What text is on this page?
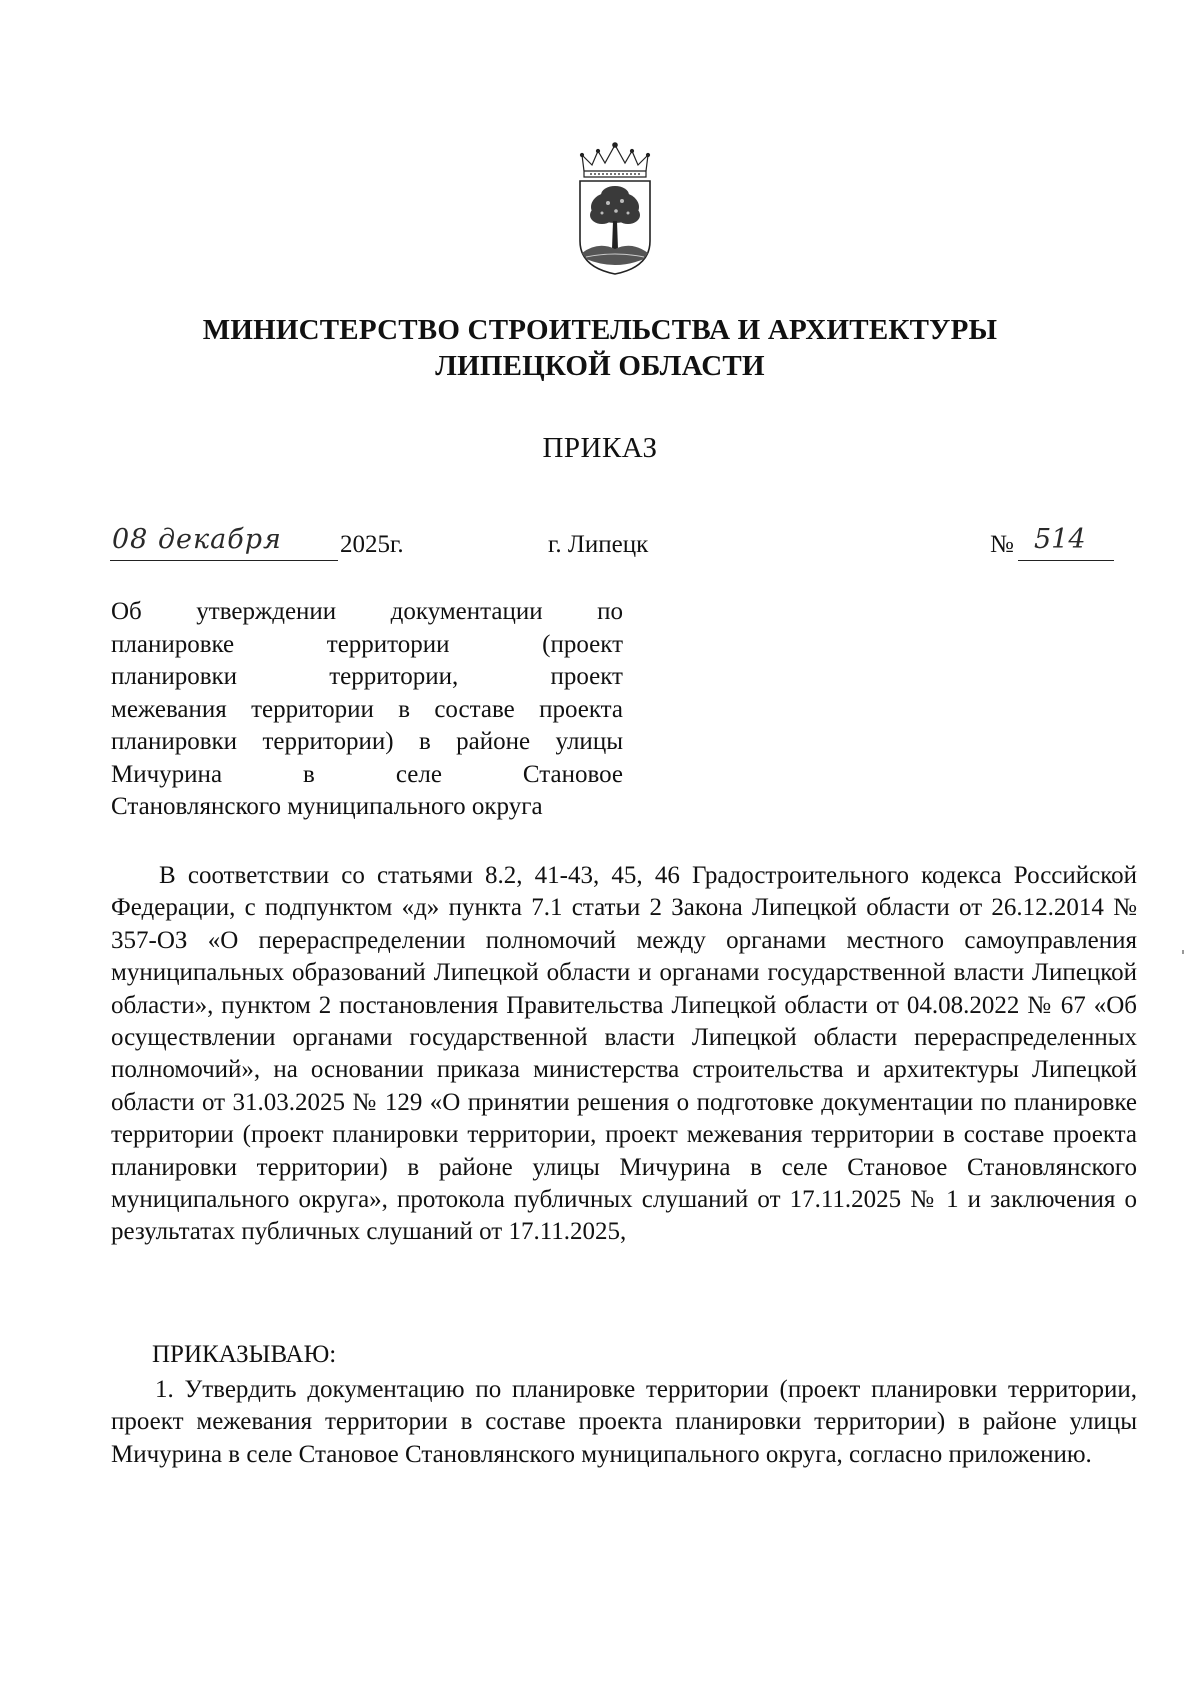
МИНИСТЕРСТВО СТРОИТЕЛЬСТВА И АРХИТЕКТУРЫ
ЛИПЕЦКОЙ ОБЛАСТИ
ПРИКАЗ
08 декабря 2025г.	г. Липецк	№ 514
Об утверждении документации по
планировке территории (проект
планировки территории, проект
межевания территории в составе проекта
планировки территории) в районе улицы
Мичурина в селе Становое
Становлянского муниципального округа

В соответствии со статьями 8.2, 41-43, 45, 46 Градостроительного кодекса Российской Федерации, с подпунктом «д» пункта 7.1 статьи 2 Закона Липецкой области от 26.12.2014 № 357-ОЗ «О перераспределении полномочий между органами местного самоуправления муниципальных образований Липецкой области и органами государственной власти Липецкой области», пунктом 2 постановления Правительства Липецкой области от 04.08.2022 № 67 «Об осуществлении органами государственной власти Липецкой области перераспределенных полномочий», на основании приказа министерства строительства и архитектуры Липецкой области от 31.03.2025 № 129 «О принятии решения о подготовке документации по планировке территории (проект планировки территории, проект межевания территории в составе проекта планировки территории) в районе улицы Мичурина в селе Становое Становлянского муниципального округа», протокола публичных слушаний от 17.11.2025 № 1 и заключения о результатах публичных слушаний от 17.11.2025,

ПРИКАЗЫВАЮ:

1. Утвердить документацию по планировке территории (проект планировки территории, проект межевания территории в составе проекта планировки территории) в районе улицы Мичурина в селе Становое Становлянского муниципального округа, согласно приложению.
